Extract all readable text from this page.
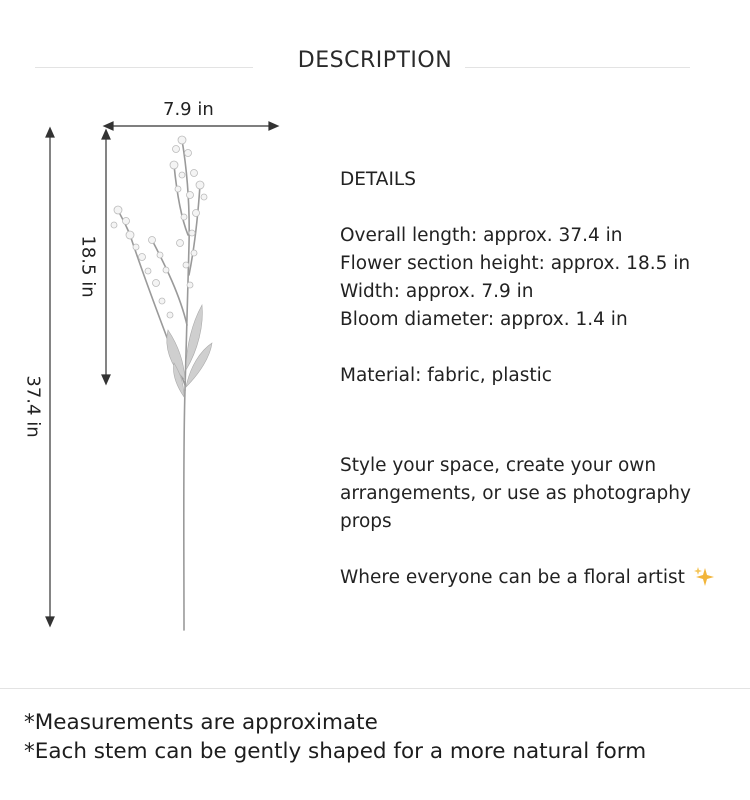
DESCRIPTION
7.9 in
18.5 in
37.4 in

DETAILS

Overall length: approx. 37.4 in

Flower section height: approx. 18.5 in

Width: approx. 7.9 in

Bloom diameter: approx. 1.4 in

Material: fabric, plastic

Style your space, create your own arrangements, or use as photography props

Where everyone can be a floral artist

*Measurements are approximate

*Each stem can be gently shaped for a more natural form
